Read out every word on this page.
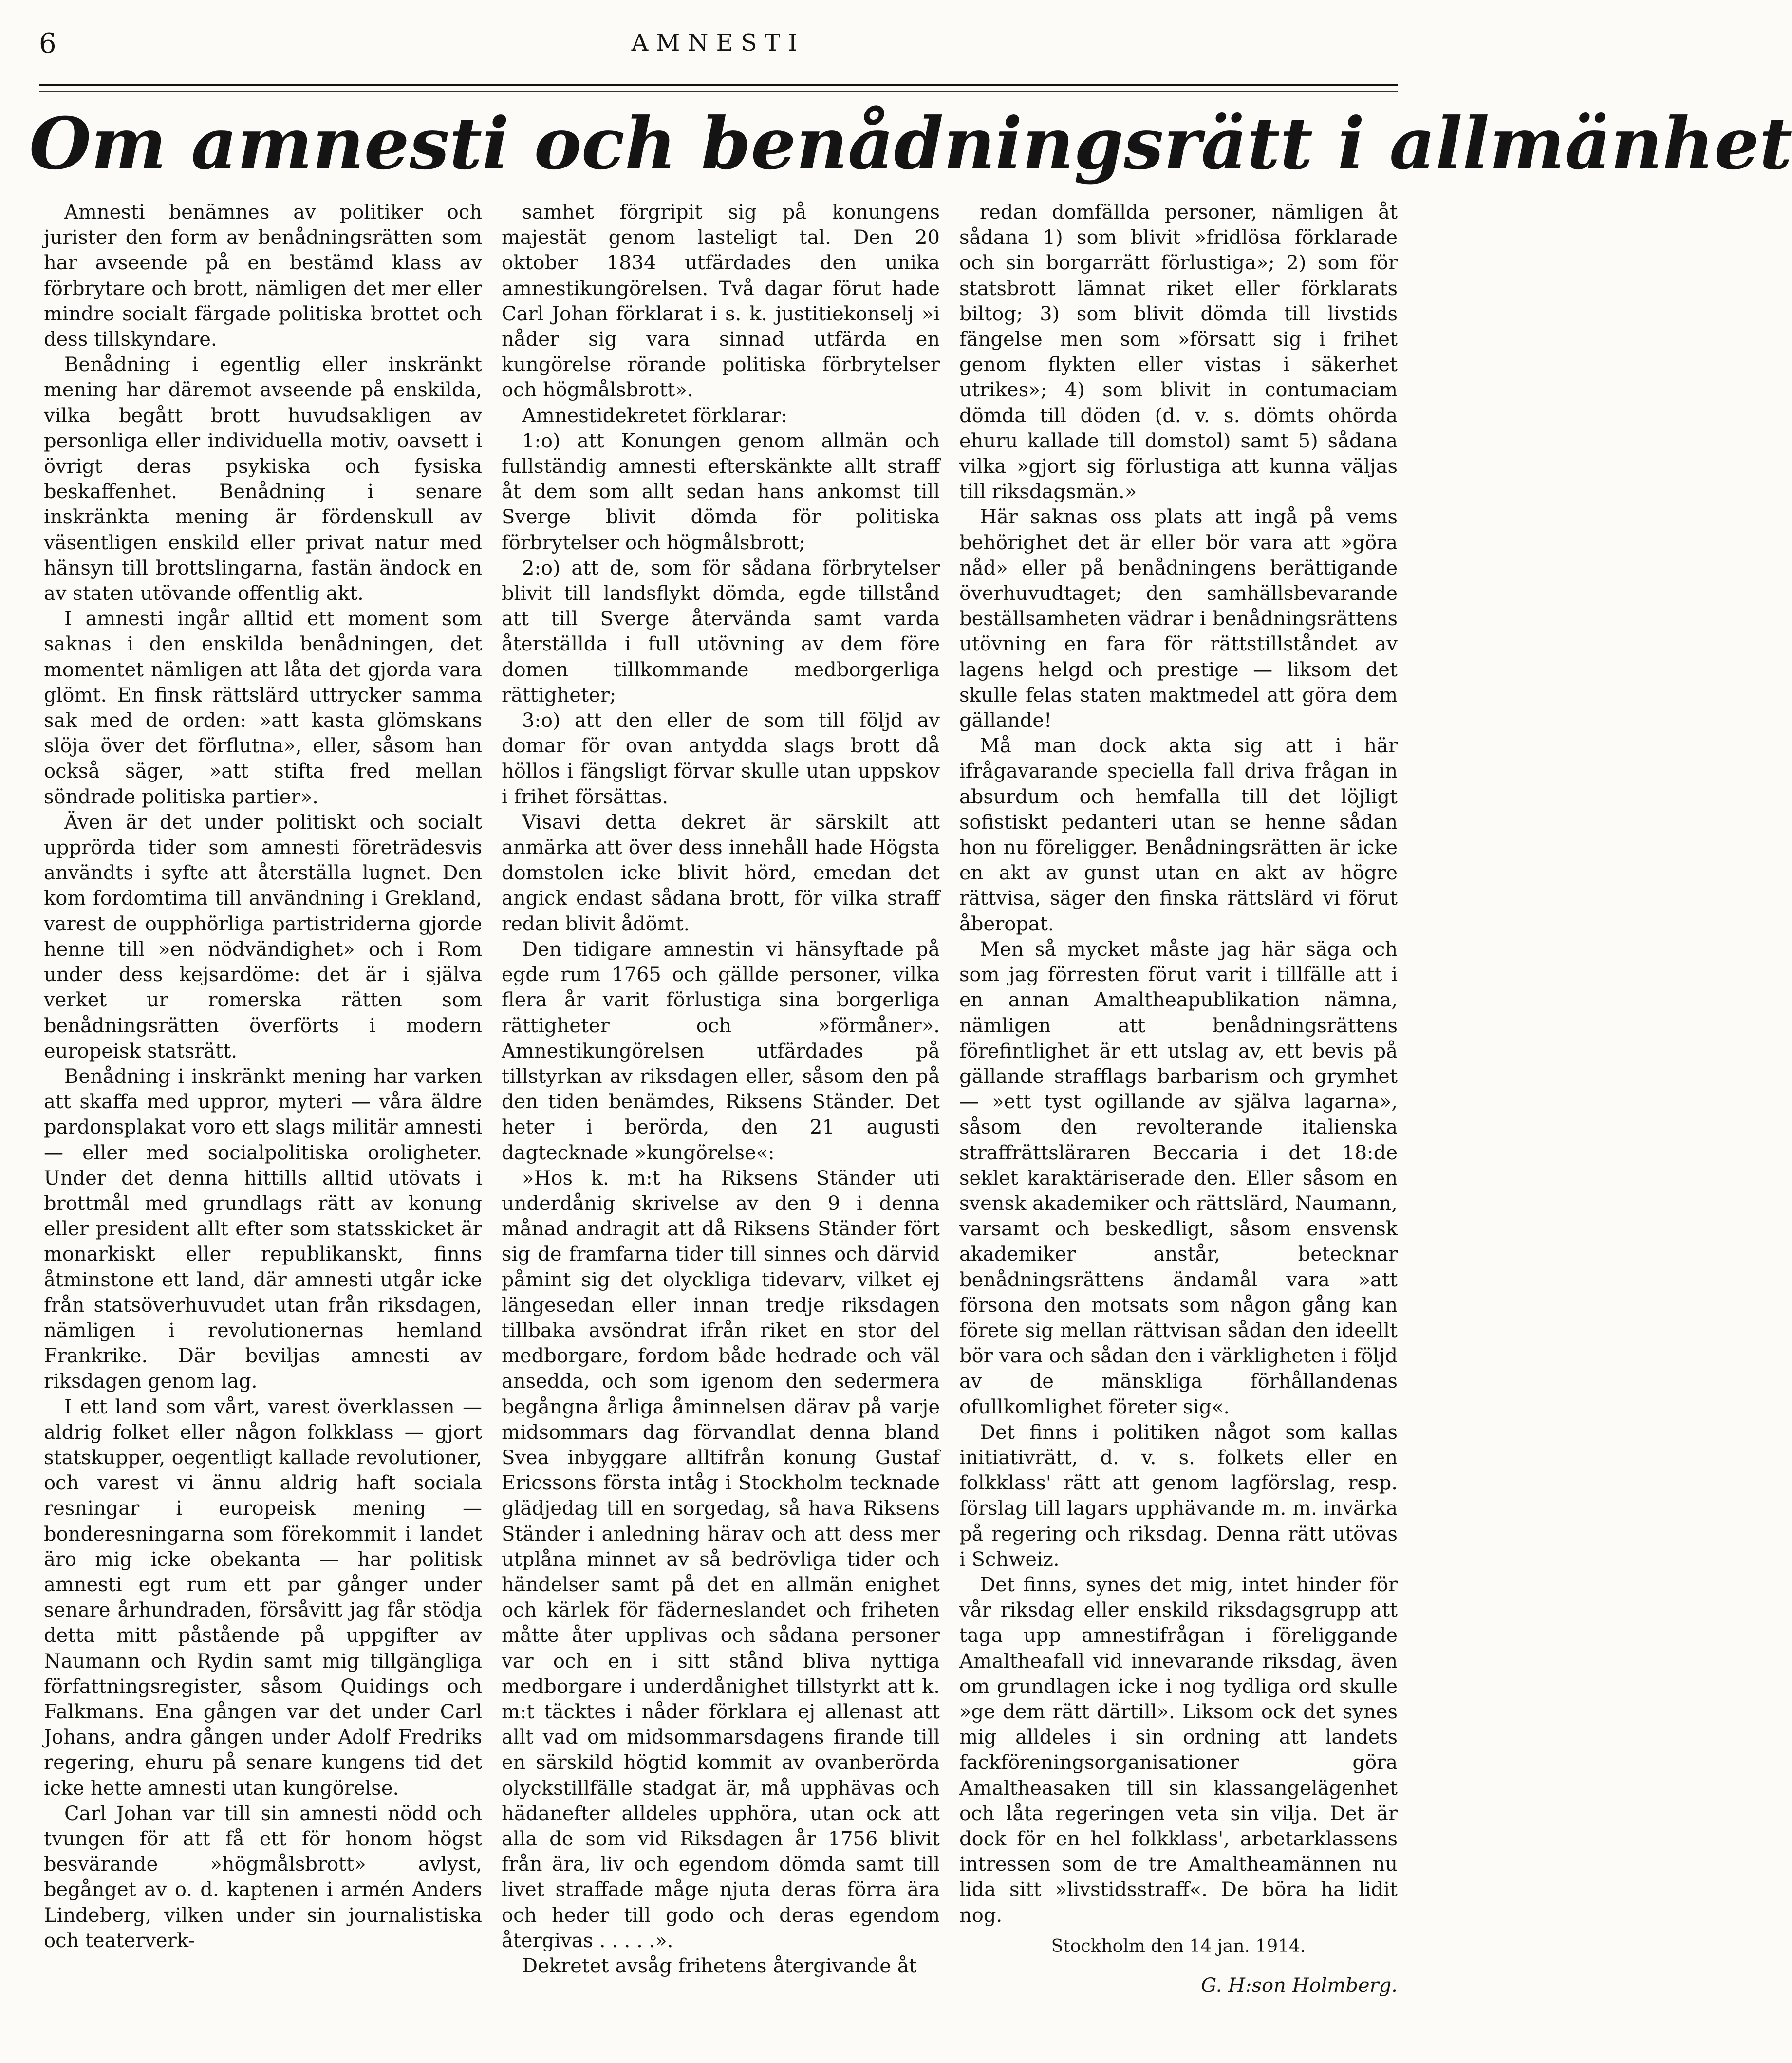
6	AMNESTI
Om amnesti och benådningsrätt i allmänhet

Amnesti benämnes av politiker och jurister den form av benådningsrätten som har avseende på en bestämd klass av förbrytare och brott, nämligen det mer eller mindre socialt färgade politiska brottet och dess tillskyndare.

Benådning i egentlig eller inskränkt mening har däremot avseende på enskilda, vilka begått brott huvudsakligen av personliga eller individuella motiv, oavsett i övrigt deras psykiska och fysiska beskaffenhet. Benådning i senare inskränkta mening är fördenskull av väsentligen enskild eller privat natur med hänsyn till brottslingarna, fastän ändock en av staten utövande offentlig akt.

I amnesti ingår alltid ett moment som saknas i den enskilda benådningen, det momentet nämligen att låta det gjorda vara glömt. En finsk rättslärd uttrycker samma sak med de orden: »att kasta glömskans slöja över det förflutna», eller, såsom han också säger, »att stifta fred mellan söndrade politiska partier».

Även är det under politiskt och socialt upprörda tider som amnesti företrädesvis användts i syfte att återställa lugnet. Den kom fordomtima till användning i Grekland, varest de oupphörliga partistriderna gjorde henne till »en nödvändighet» och i Rom under dess kejsardöme: det är i själva verket ur romerska rätten som benådningsrätten överförts i modern europeisk statsrätt.

Benådning i inskränkt mening har varken att skaffa med uppror, myteri — våra äldre pardonsplakat voro ett slags militär amnesti — eller med socialpolitiska oroligheter. Under det denna hittills alltid utövats i brottmål med grundlags rätt av konung eller president allt efter som statsskicket är monarkiskt eller republikanskt, finns åtminstone ett land, där amnesti utgår icke från statsöverhuvudet utan från riksdagen, nämligen i revolutionernas hemland Frankrike. Där beviljas amnesti av riksdagen genom lag.

I ett land som vårt, varest överklassen — aldrig folket eller någon folkklass — gjort statskupper, oegentligt kallade revolutioner, och varest vi ännu aldrig haft sociala resningar i europeisk mening — bonderesningarna som förekommit i landet äro mig icke obekanta — har politisk amnesti egt rum ett par gånger under senare århundraden, försåvitt jag får stödja detta mitt påstående på uppgifter av Naumann och Rydin samt mig tillgängliga författningsregister, såsom Quidings och Falkmans. Ena gången var det under Carl Johans, andra gången under Adolf Fredriks regering, ehuru på senare kungens tid det icke hette amnesti utan kungörelse.

Carl Johan var till sin amnesti nödd och tvungen för att få ett för honom högst besvärande »högmålsbrott» avlyst, begånget av o. d. kaptenen i armén Anders Lindeberg, vilken under sin journalistiska och teaterverk-

samhet förgripit sig på konungens majestät genom lasteligt tal. Den 20 oktober 1834 utfärdades den unika amnestikungörelsen. Två dagar förut hade Carl Johan förklarat i s. k. justitiekonselj »i nåder sig vara sinnad utfärda en kungörelse rörande politiska förbrytelser och högmålsbrott».

Amnestidekretet förklarar:

1:o) att Konungen genom allmän och fullständig amnesti efterskänkte allt straff åt dem som allt sedan hans ankomst till Sverge blivit dömda för politiska förbrytelser och högmålsbrott;

2:o) att de, som för sådana förbrytelser blivit till landsflykt dömda, egde tillstånd att till Sverge återvända samt varda återställda i full utövning av dem före domen tillkommande medborgerliga rättigheter;

3:o) att den eller de som till följd av domar för ovan antydda slags brott då höllos i fängsligt förvar skulle utan uppskov i frihet försättas.

Visavi detta dekret är särskilt att anmärka att över dess innehåll hade Högsta domstolen icke blivit hörd, emedan det angick endast sådana brott, för vilka straff redan blivit ådömt.

Den tidigare amnestin vi hänsyftade på egde rum 1765 och gällde personer, vilka flera år varit förlustiga sina borgerliga rättigheter och »förmåner». Amnestikungörelsen utfärdades på tillstyrkan av riksdagen eller, såsom den på den tiden benämdes, Riksens Ständer. Det heter i berörda, den 21 augusti dagtecknade »kungörelse«:

»Hos k. m:t ha Riksens Ständer uti underdånig skrivelse av den 9 i denna månad andragit att då Riksens Ständer fört sig de framfarna tider till sinnes och därvid påmint sig det olyckliga tidevarv, vilket ej längesedan eller innan tredje riksdagen tillbaka avsöndrat ifrån riket en stor del medborgare, fordom både hedrade och väl ansedda, och som igenom den sedermera begångna årliga åminnelsen därav på varje midsommars dag förvandlat denna bland Svea inbyggare alltifrån konung Gustaf Ericssons första intåg i Stockholm tecknade glädjedag till en sorgedag, så hava Riksens Ständer i anledning härav och att dess mer utplåna minnet av så bedrövliga tider och händelser samt på det en allmän enighet och kärlek för fäderneslandet och friheten måtte åter upplivas och sådana personer var och en i sitt stånd bliva nyttiga medborgare i underdånighet tillstyrkt att k. m:t täcktes i nåder förklara ej allenast att allt vad om midsommarsdagens firande till en särskild högtid kommit av ovanberörda olyckstillfälle stadgat är, må upphävas och hädanefter alldeles upphöra, utan ock att alla de som vid Riksdagen år 1756 blivit från ära, liv och egendom dömda samt till livet straffade måge njuta deras förra ära och heder till godo och deras egendom återgivas . . . . .».

Dekretet avsåg frihetens återgivande åt

redan domfällda personer, nämligen åt sådana 1) som blivit »fridlösa förklarade och sin borgarrätt förlustiga»; 2) som för statsbrott lämnat riket eller förklarats biltog; 3) som blivit dömda till livstids fängelse men som »försatt sig i frihet genom flykten eller vistas i säkerhet utrikes»; 4) som blivit in contumaciam dömda till döden (d. v. s. dömts ohörda ehuru kallade till domstol) samt 5) sådana vilka »gjort sig förlustiga att kunna väljas till riksdagsmän.»

Här saknas oss plats att ingå på vems behörighet det är eller bör vara att »göra nåd» eller på benådningens berättigande överhuvudtaget; den samhällsbevarande beställsamheten vädrar i benådningsrättens utövning en fara för rättstillståndet av lagens helgd och prestige — liksom det skulle felas staten maktmedel att göra dem gällande!

Må man dock akta sig att i här ifrågavarande speciella fall driva frågan in absurdum och hemfalla till det löjligt sofistiskt pedanteri utan se henne sådan hon nu föreligger. Benådningsrätten är icke en akt av gunst utan en akt av högre rättvisa, säger den finska rättslärd vi förut åberopat.

Men så mycket måste jag här säga och som jag förresten förut varit i tillfälle att i en annan Amaltheapublikation nämna, nämligen att benådningsrättens förefintlighet är ett utslag av, ett bevis på gällande strafflags barbarism och grymhet — »ett tyst ogillande av själva lagarna», såsom den revolterande italienska straffrättsläraren Beccaria i det 18:de seklet karaktäriserade den. Eller såsom en svensk akademiker och rättslärd, Naumann, varsamt och beskedligt, såsom ensvensk akademiker anstår, betecknar benådningsrättens ändamål vara »att försona den motsats som någon gång kan förete sig mellan rättvisan sådan den ideellt bör vara och sådan den i värkligheten i följd av de mänskliga förhållandenas ofullkomlighet företer sig«.

Det finns i politiken något som kallas initiativrätt, d. v. s. folkets eller en folkklass' rätt att genom lagförslag, resp. förslag till lagars upphävande m. m. invärka på regering och riksdag. Denna rätt utövas i Schweiz.

Det finns, synes det mig, intet hinder för vår riksdag eller enskild riksdagsgrupp att taga upp amnestifrågan i föreliggande Amaltheafall vid innevarande riksdag, även om grundlagen icke i nog tydliga ord skulle »ge dem rätt därtill». Liksom ock det synes mig alldeles i sin ordning att landets fackföreningsorganisationer göra Amaltheasaken till sin klassangelägenhet och låta regeringen veta sin vilja. Det är dock för en hel folkklass', arbetarklassens intressen som de tre Amaltheamännen nu lida sitt »livstidsstraff«. De böra ha lidit nog.

Stockholm den 14 jan. 1914.

G. H:son Holmberg.
